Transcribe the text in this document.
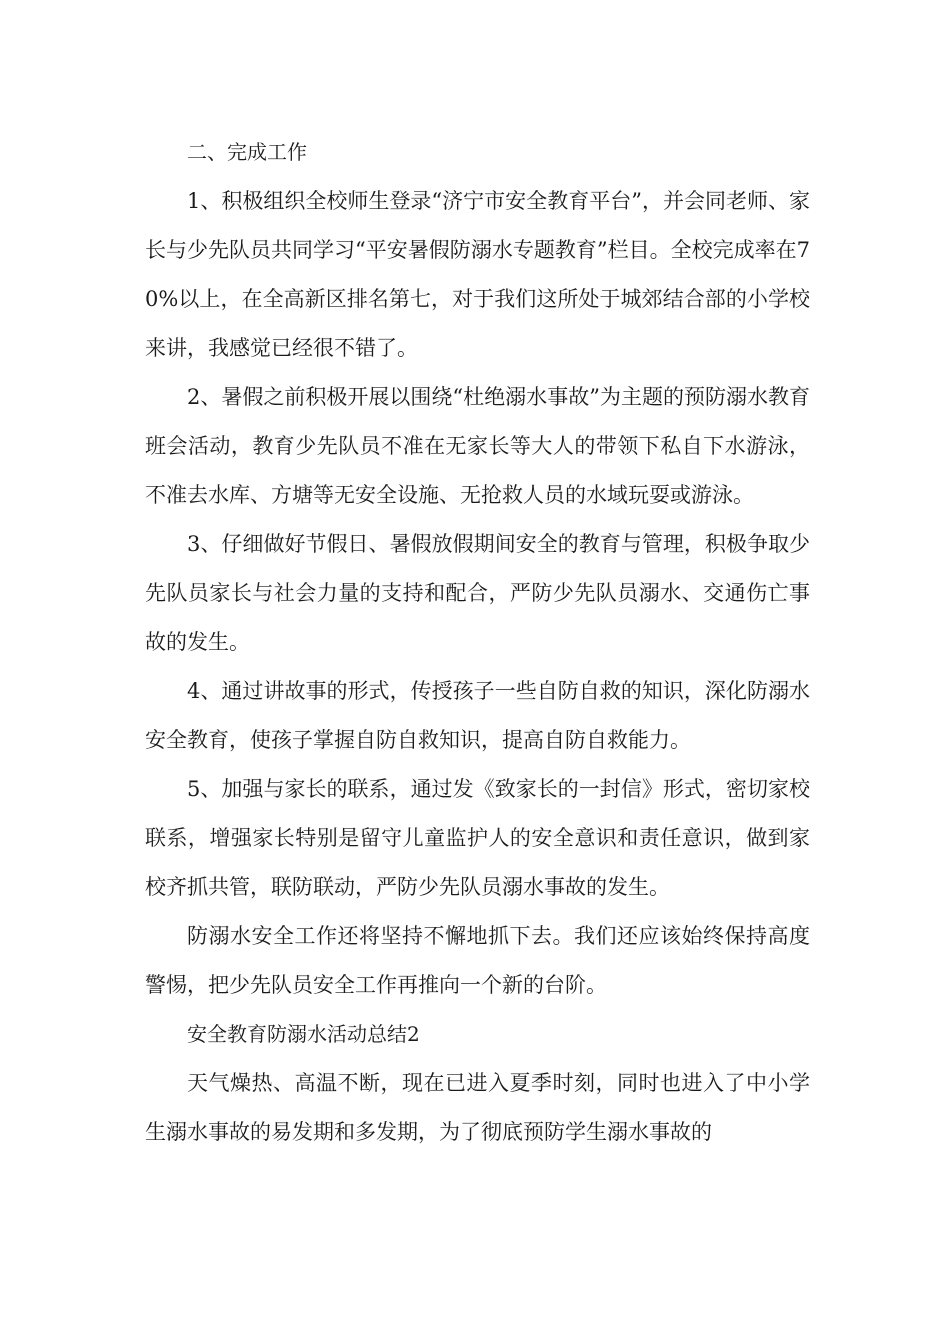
二、完成工作

1、积极组织全校师生登录“济宁市安全教育平台”，并会同老师、家长与少先队员共同学习“平安暑假防溺水专题教育”栏目。全校完成率在70%以上，在全高新区排名第七，对于我们这所处于城郊结合部的小学校来讲，我感觉已经很不错了。

2、暑假之前积极开展以围绕“杜绝溺水事故”为主题的预防溺水教育班会活动，教育少先队员不准在无家长等大人的带领下私自下水游泳，不准去水库、方塘等无安全设施、无抢救人员的水域玩耍或游泳。

3、仔细做好节假日、暑假放假期间安全的教育与管理，积极争取少先队员家长与社会力量的支持和配合，严防少先队员溺水、交通伤亡事故的发生。

4、通过讲故事的形式，传授孩子一些自防自救的知识，深化防溺水安全教育，使孩子掌握自防自救知识，提高自防自救能力。

5、加强与家长的联系，通过发《致家长的一封信》形式，密切家校联系，增强家长特别是留守儿童监护人的安全意识和责任意识，做到家校齐抓共管，联防联动，严防少先队员溺水事故的发生。

防溺水安全工作还将坚持不懈地抓下去。我们还应该始终保持高度警惕，把少先队员安全工作再推向一个新的台阶。

安全教育防溺水活动总结2

天气燥热、高温不断，现在已进入夏季时刻，同时也进入了中小学生溺水事故的易发期和多发期，为了彻底预防学生溺水事故的
